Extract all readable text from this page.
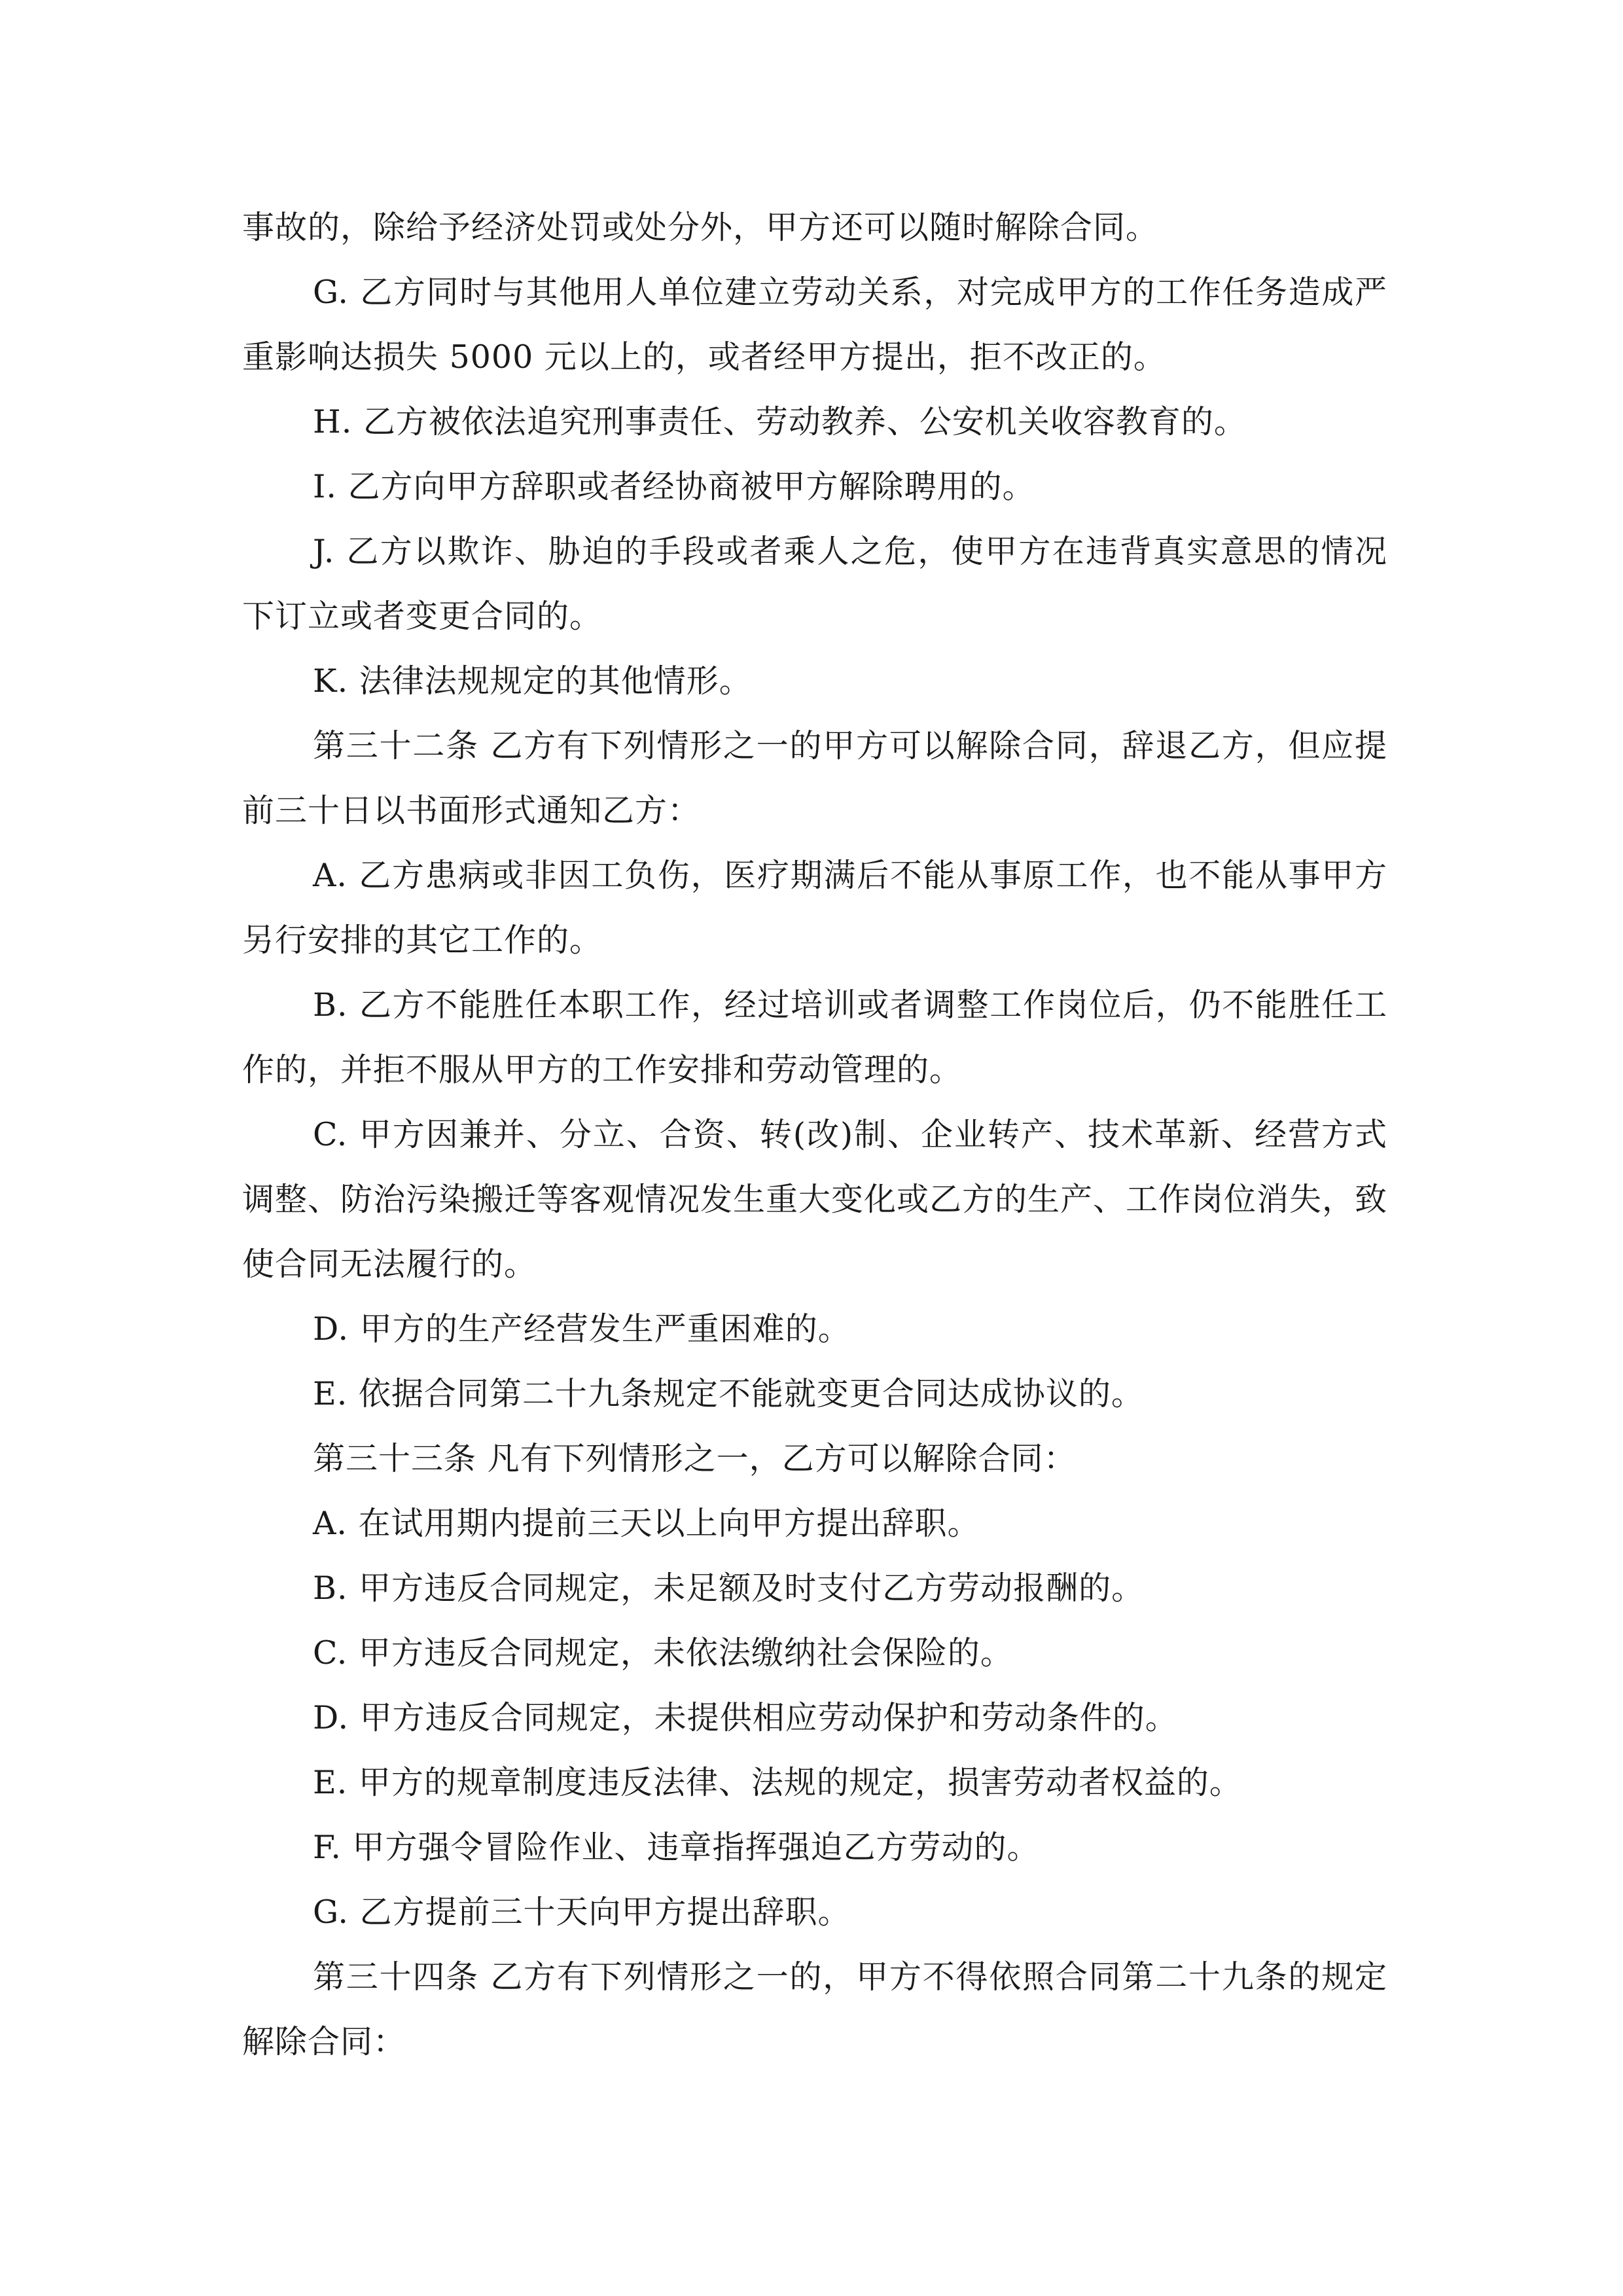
事故的，除给予经济处罚或处分外，甲方还可以随时解除合同。

G. 乙方同时与其他用人单位建立劳动关系，对完成甲方的工作任务造成严重影响达损失 5000 元以上的，或者经甲方提出，拒不改正的。

H. 乙方被依法追究刑事责任、劳动教养、公安机关收容教育的。

I. 乙方向甲方辞职或者经协商被甲方解除聘用的。

J. 乙方以欺诈、胁迫的手段或者乘人之危，使甲方在违背真实意思的情况下订立或者变更合同的。

K. 法律法规规定的其他情形。

第三十二条 乙方有下列情形之一的甲方可以解除合同，辞退乙方，但应提前三十日以书面形式通知乙方：

A. 乙方患病或非因工负伤，医疗期满后不能从事原工作，也不能从事甲方另行安排的其它工作的。

B. 乙方不能胜任本职工作，经过培训或者调整工作岗位后，仍不能胜任工作的，并拒不服从甲方的工作安排和劳动管理的。

C. 甲方因兼并、分立、合资、转(改)制、企业转产、技术革新、经营方式调整、防治污染搬迁等客观情况发生重大变化或乙方的生产、工作岗位消失，致使合同无法履行的。

D. 甲方的生产经营发生严重困难的。

E. 依据合同第二十九条规定不能就变更合同达成协议的。

第三十三条 凡有下列情形之一，乙方可以解除合同：

A. 在试用期内提前三天以上向甲方提出辞职。

B. 甲方违反合同规定，未足额及时支付乙方劳动报酬的。

C. 甲方违反合同规定，未依法缴纳社会保险的。

D. 甲方违反合同规定，未提供相应劳动保护和劳动条件的。

E. 甲方的规章制度违反法律、法规的规定，损害劳动者权益的。

F. 甲方强令冒险作业、违章指挥强迫乙方劳动的。

G. 乙方提前三十天向甲方提出辞职。

第三十四条 乙方有下列情形之一的，甲方不得依照合同第二十九条的规定解除合同：
